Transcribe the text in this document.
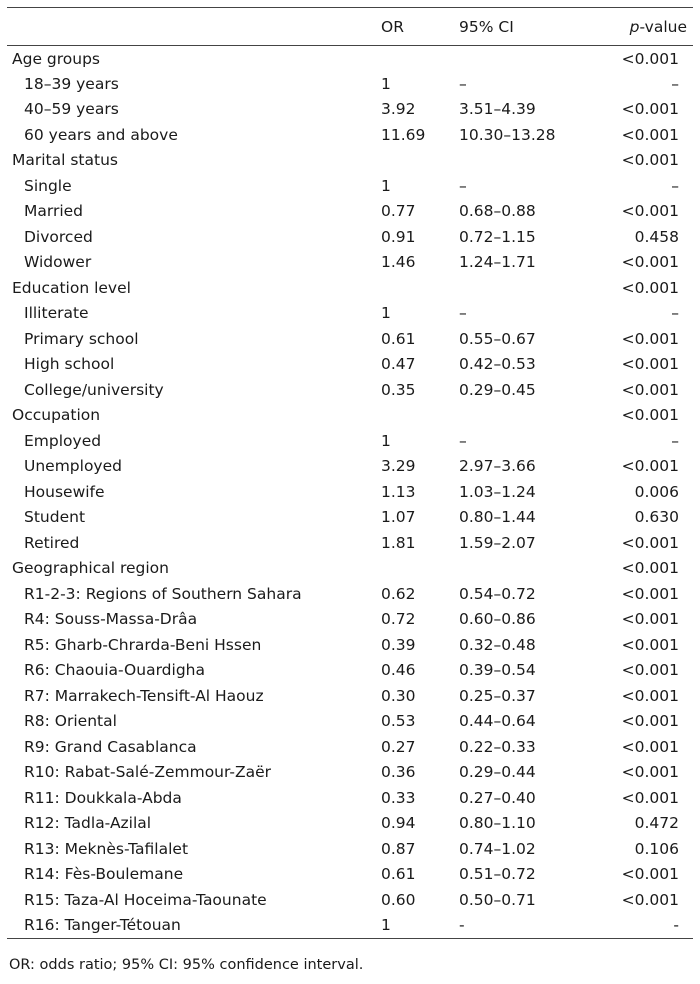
	OR	95% CI	p-value
Age groups			<0.001
18–39 years	1	–	–
40–59 years	3.92	3.51–4.39	<0.001
60 years and above	11.69	10.30–13.28	<0.001
Marital status			<0.001
Single	1	–	–
Married	0.77	0.68–0.88	<0.001
Divorced	0.91	0.72–1.15	0.458
Widower	1.46	1.24–1.71	<0.001
Education level			<0.001
Illiterate	1	–	–
Primary school	0.61	0.55–0.67	<0.001
High school	0.47	0.42–0.53	<0.001
College/university	0.35	0.29–0.45	<0.001
Occupation			<0.001
Employed	1	–	–
Unemployed	3.29	2.97–3.66	<0.001
Housewife	1.13	1.03–1.24	0.006
Student	1.07	0.80–1.44	0.630
Retired	1.81	1.59–2.07	<0.001
Geographical region			<0.001
R1-2-3: Regions of Southern Sahara	0.62	0.54–0.72	<0.001
R4: Souss-Massa-Drâa	0.72	0.60–0.86	<0.001
R5: Gharb-Chrarda-Beni Hssen	0.39	0.32–0.48	<0.001
R6: Chaouia-Ouardigha	0.46	0.39–0.54	<0.001
R7: Marrakech-Tensift-Al Haouz	0.30	0.25–0.37	<0.001
R8: Oriental	0.53	0.44–0.64	<0.001
R9: Grand Casablanca	0.27	0.22–0.33	<0.001
R10: Rabat-Salé-Zemmour-Zaër	0.36	0.29–0.44	<0.001
R11: Doukkala-Abda	0.33	0.27–0.40	<0.001
R12: Tadla-Azilal	0.94	0.80–1.10	0.472
R13: Meknès-Tafilalet	0.87	0.74–1.02	0.106
R14: Fès-Boulemane	0.61	0.51–0.72	<0.001
R15: Taza-Al Hoceima-Taounate	0.60	0.50–0.71	<0.001
R16: Tanger-Tétouan	1	-	-
OR: odds ratio; 95% CI: 95% confidence interval.
